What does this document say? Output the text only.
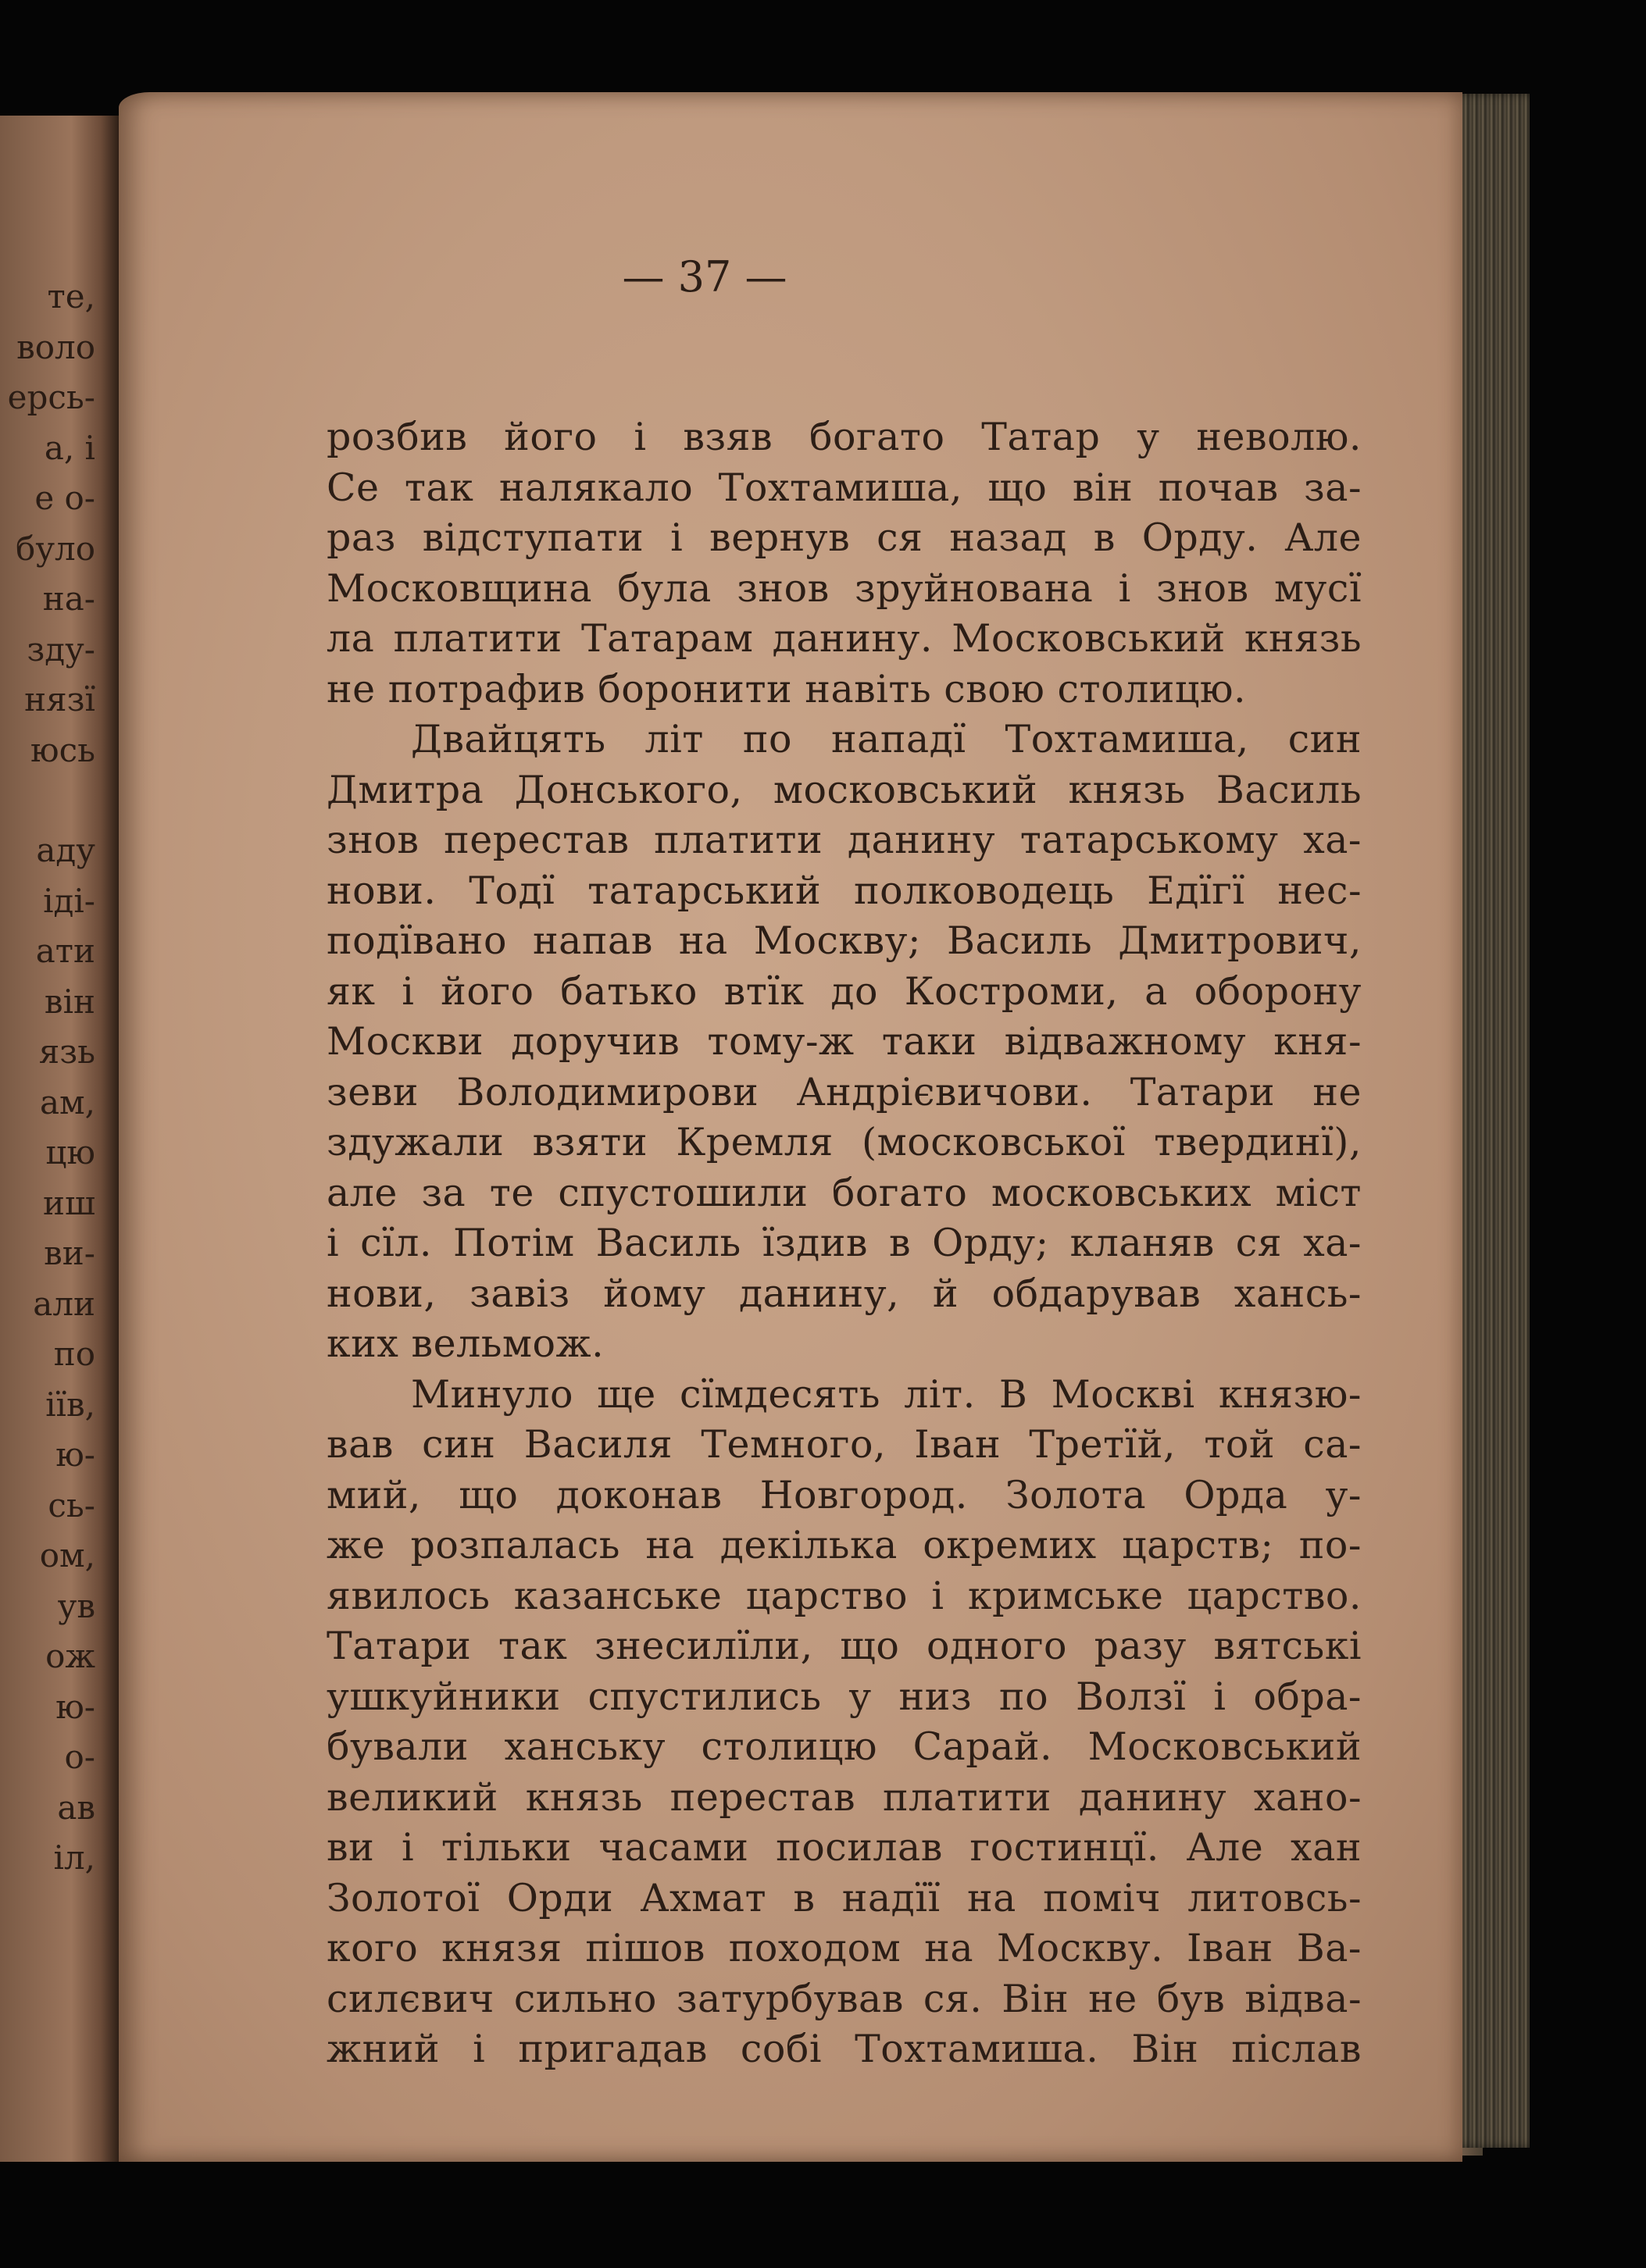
те,
воло
ерсь-
а, і
е о-
було
на-
зду-
нязї
юсь
аду
іді-
ати
він
язь
ам,
цю
иш
ви-
али
по
іїв,
ю-
сь-
ом,
ув
ож
ю-
о-
ав
іл,
— 37 —
розбив його і взяв богато Татар у неволю.
Се так налякало Тохтамиша, що він почав за-
раз відступати і вернув ся назад в Орду. Але
Московщина була знов зруйнована і знов мусї
ла платити Татарам данину. Московський князь
не потрафив боронити навіть свою столицю.
Двайцять літ по нападї Тохтамиша, син
Дмитра Донського, московський князь Василь
знов перестав платити данину татарському ха-
нови. Тодї татарський полководець Едїгї нес-
подївано напав на Москву; Василь Дмитрович,
як і його батько втїк до Костроми, а оборону
Москви доручив тому-ж таки відважному кня-
зеви Володимирови Андрієвичови. Татари не
здужали взяти Кремля (московської твердинї),
але за те спустошили богато московських міст
і сїл. Потім Василь їздив в Орду; кланяв ся ха-
нови, завіз йому данину, й обдарував хансь-
ких вельмож.
Минуло ще сїмдесять літ. В Москві князю-
вав син Василя Темного, Іван Третїй, той са-
мий, що доконав Новгород. Золота Орда у-
же розпалась на декілька окремих царств; по-
явилось казанське царство і кримське царство.
Татари так знесилїли, що одного разу вятські
ушкуйники спустились у низ по Волзї і обра-
бували ханську столицю Сарай. Московський
великий князь перестав платити данину хано-
ви і тільки часами посилав гостинцї. Але хан
Золотої Орди Ахмат в надїї на поміч литовсь-
кого князя пішов походом на Москву. Іван Ва-
силєвич сильно затурбував ся. Він не був відва-
жний і пригадав собі Тохтамиша. Він післав
